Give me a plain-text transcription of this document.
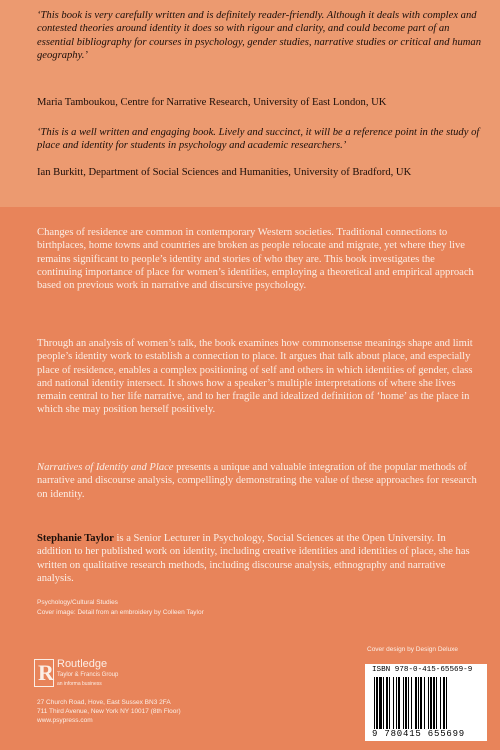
‘This book is very carefully written and is definitely reader-friendly. Although it deals with complex and contested theories around identity it does so with rigour and clarity, and could become part of an essential bibliography for courses in psychology, gender studies, narrative studies or critical and human geography.’
Maria Tamboukou, Centre for Narrative Research, University of East London, UK
‘This is a well written and engaging book. Lively and succinct, it will be a reference point in the study of place and identity for students in psychology and academic researchers.’
Ian Burkitt, Department of Social Sciences and Humanities, University of Bradford, UK
Changes of residence are common in contemporary Western societies. Traditional connections to birthplaces, home towns and countries are broken as people relocate and migrate, yet where they live remains significant to people’s identity and stories of who they are. This book investigates the continuing importance of place for women’s identities, employing a theoretical and empirical approach based on previous work in narrative and discursive psychology.
Through an analysis of women’s talk, the book examines how commonsense meanings shape and limit people’s identity work to establish a connection to place. It argues that talk about place, and especially place of residence, enables a complex positioning of self and others in which identities of gender, class and national identity intersect. It shows how a speaker’s multiple interpretations of where she lives remain central to her life narrative, and to her fragile and idealized definition of ‘home’ as the place in which she may position herself positively.
Narratives of Identity and Place presents a unique and valuable integration of the popular methods of narrative and discourse analysis, compellingly demonstrating the value of these approaches for research on identity.
Stephanie Taylor is a Senior Lecturer in Psychology, Social Sciences at the Open University. In addition to her published work on identity, including creative identities and identities of place, she has written on qualitative research methods, including discourse analysis, ethnography and narrative analysis.
Psychology/Cultural Studies
Cover image: Detail from an embroidery by Colleen Taylor
Cover design by Design Deluxe
R Routledge
Taylor & Francis Group
an informa business
27 Church Road, Hove, East Sussex BN3 2FA
711 Third Avenue, New York NY 10017 (8th Floor)
www.psypress.com
ISBN 978-0-415-65569-9
9 780415 655699
